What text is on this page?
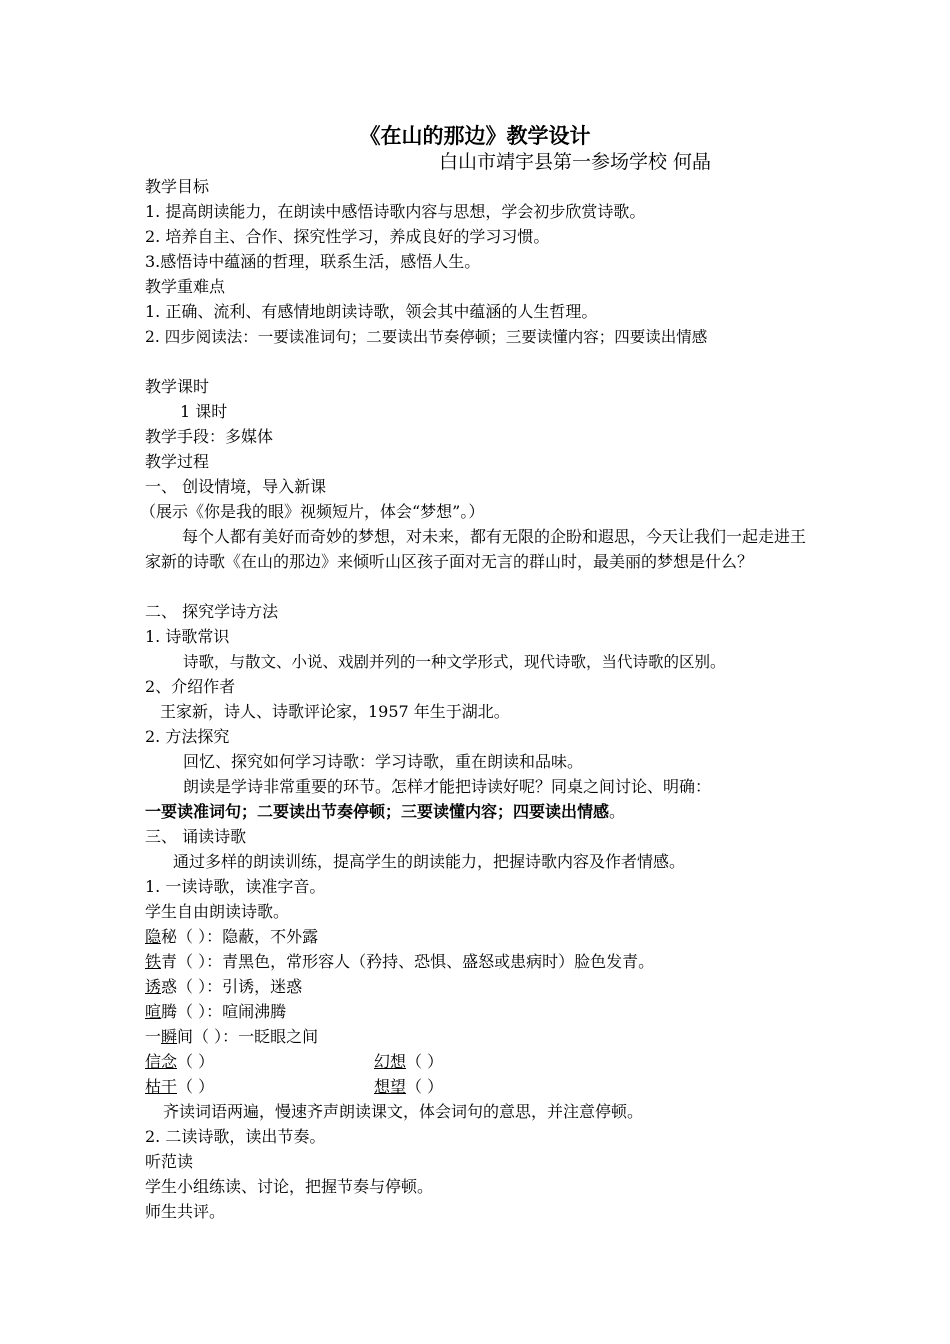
《在山的那边》教学设计
白山市靖宇县第一参场学校 何晶
教学目标
1. 提高朗读能力，在朗读中感悟诗歌内容与思想，学会初步欣赏诗歌。
2. 培养自主、合作、探究性学习，养成良好的学习习惯。
3.感悟诗中蕴涵的哲理，联系生活，感悟人生。
教学重难点
1. 正确、流利、有感情地朗读诗歌，领会其中蕴涵的人生哲理。
2. 四步阅读法：一要读准词句；二要读出节奏停顿；三要读懂内容；四要读出情感
教学课时
1 课时
教学手段：多媒体
教学过程
一、 创设情境，导入新课
（展示《你是我的眼》视频短片，体会“梦想”。）
每个人都有美好而奇妙的梦想，对未来，都有无限的企盼和遐思，今天让我们一起走进王家新的诗歌《在山的那边》来倾听山区孩子面对无言的群山时，最美丽的梦想是什么？
二、 探究学诗方法
1. 诗歌常识
诗歌，与散文、小说、戏剧并列的一种文学形式，现代诗歌，当代诗歌的区别。
2、介绍作者
王家新，诗人、诗歌评论家，1957 年生于湖北。
2. 方法探究
回忆、探究如何学习诗歌：学习诗歌，重在朗读和品味。
朗读是学诗非常重要的环节。怎样才能把诗读好呢？同桌之间讨论、明确：
一要读准词句；二要读出节奏停顿；三要读懂内容；四要读出情感。
三、 诵读诗歌
通过多样的朗读训练，提高学生的朗读能力，把握诗歌内容及作者情感。
1. 一读诗歌，读准字音。
学生自由朗读诗歌。
隐秘（ ）：隐蔽，不外露
铁青（ ）：青黑色，常形容人（矜持、恐惧、盛怒或患病时）脸色发青。
诱惑（ ）：引诱，迷惑
喧腾（ ）：喧闹沸腾
一瞬间（ ）：一眨眼之间
信念（ ）	幻想（ ）
枯干（ ）	想望（ ）
齐读词语两遍，慢速齐声朗读课文，体会词句的意思，并注意停顿。
2. 二读诗歌，读出节奏。
听范读
学生小组练读、讨论，把握节奏与停顿。
师生共评。
